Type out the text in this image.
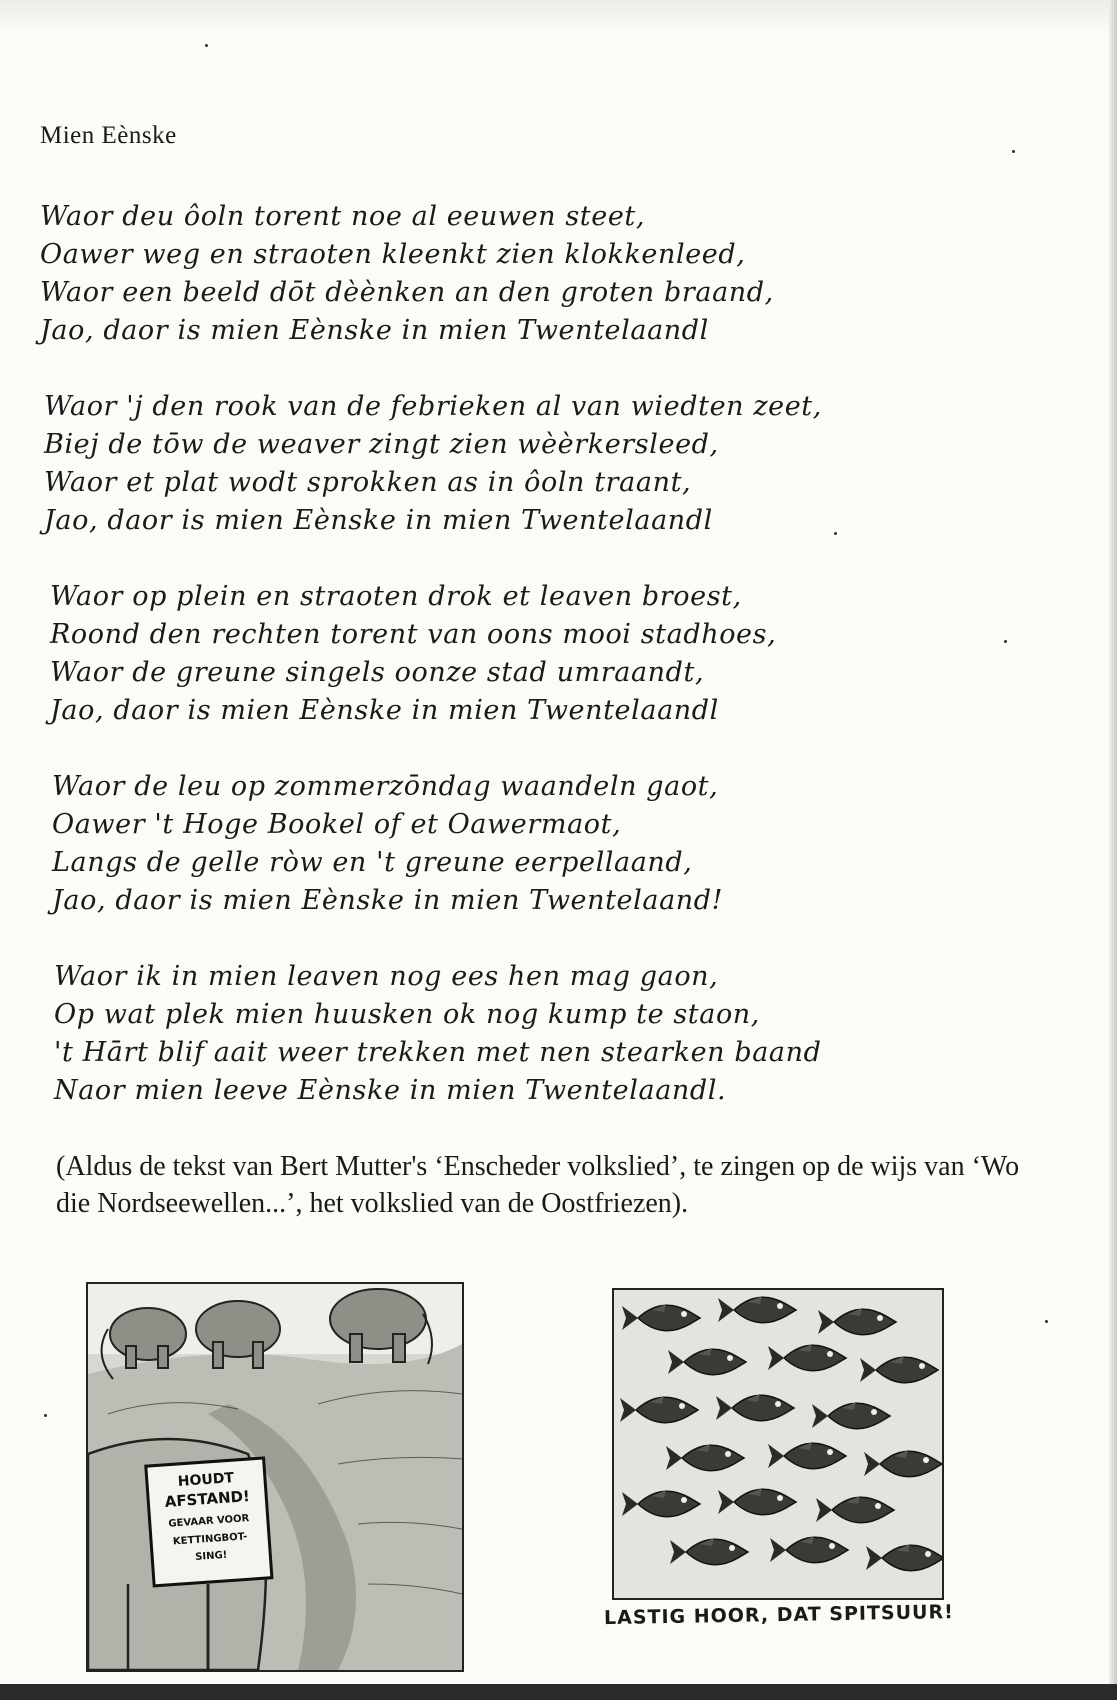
Mien Eènske
Waor deu ôoln torent noe al eeuwen steet,
Oawer weg en straoten kleenkt zien klokkenleed,
Waor een beeld dōt dèènken an den groten braand,
Jao, daor is mien Eènske in mien Twentelaandl
Waor 'j den rook van de febrieken al van wiedten zeet,
Biej de tōw de weaver zingt zien wèèrkersleed,
Waor et plat wodt sprokken as in ôoln traant,
Jao, daor is mien Eènske in mien Twentelaandl
Waor op plein en straoten drok et leaven broest,
Roond den rechten torent van oons mooi stadhoes,
Waor de greune singels oonze stad umraandt,
Jao, daor is mien Eènske in mien Twentelaandl
Waor de leu op zommerzōndag waandeln gaot,
Oawer 't Hoge Bookel of et Oawermaot,
Langs de gelle ròw en 't greune eerpellaand,
Jao, daor is mien Eènske in mien Twentelaand!
Waor ik in mien leaven nog ees hen mag gaon,
Op wat plek mien huusken ok nog kump te staon,
't Hārt blif aait weer trekken met nen stearken baand
Naor mien leeve Eènske in mien Twentelaandl.
(Aldus de tekst van Bert Mutter's ‘Enscheder volkslied’, te zingen op de wijs van ‘Wo die Nordseewellen...’, het volkslied van de Oostfriezen).
HOUDT
AFSTAND!
GEVAAR VOOR
KETTINGBOT-
SING!
LASTIG HOOR, DAT SPITSUUR!
